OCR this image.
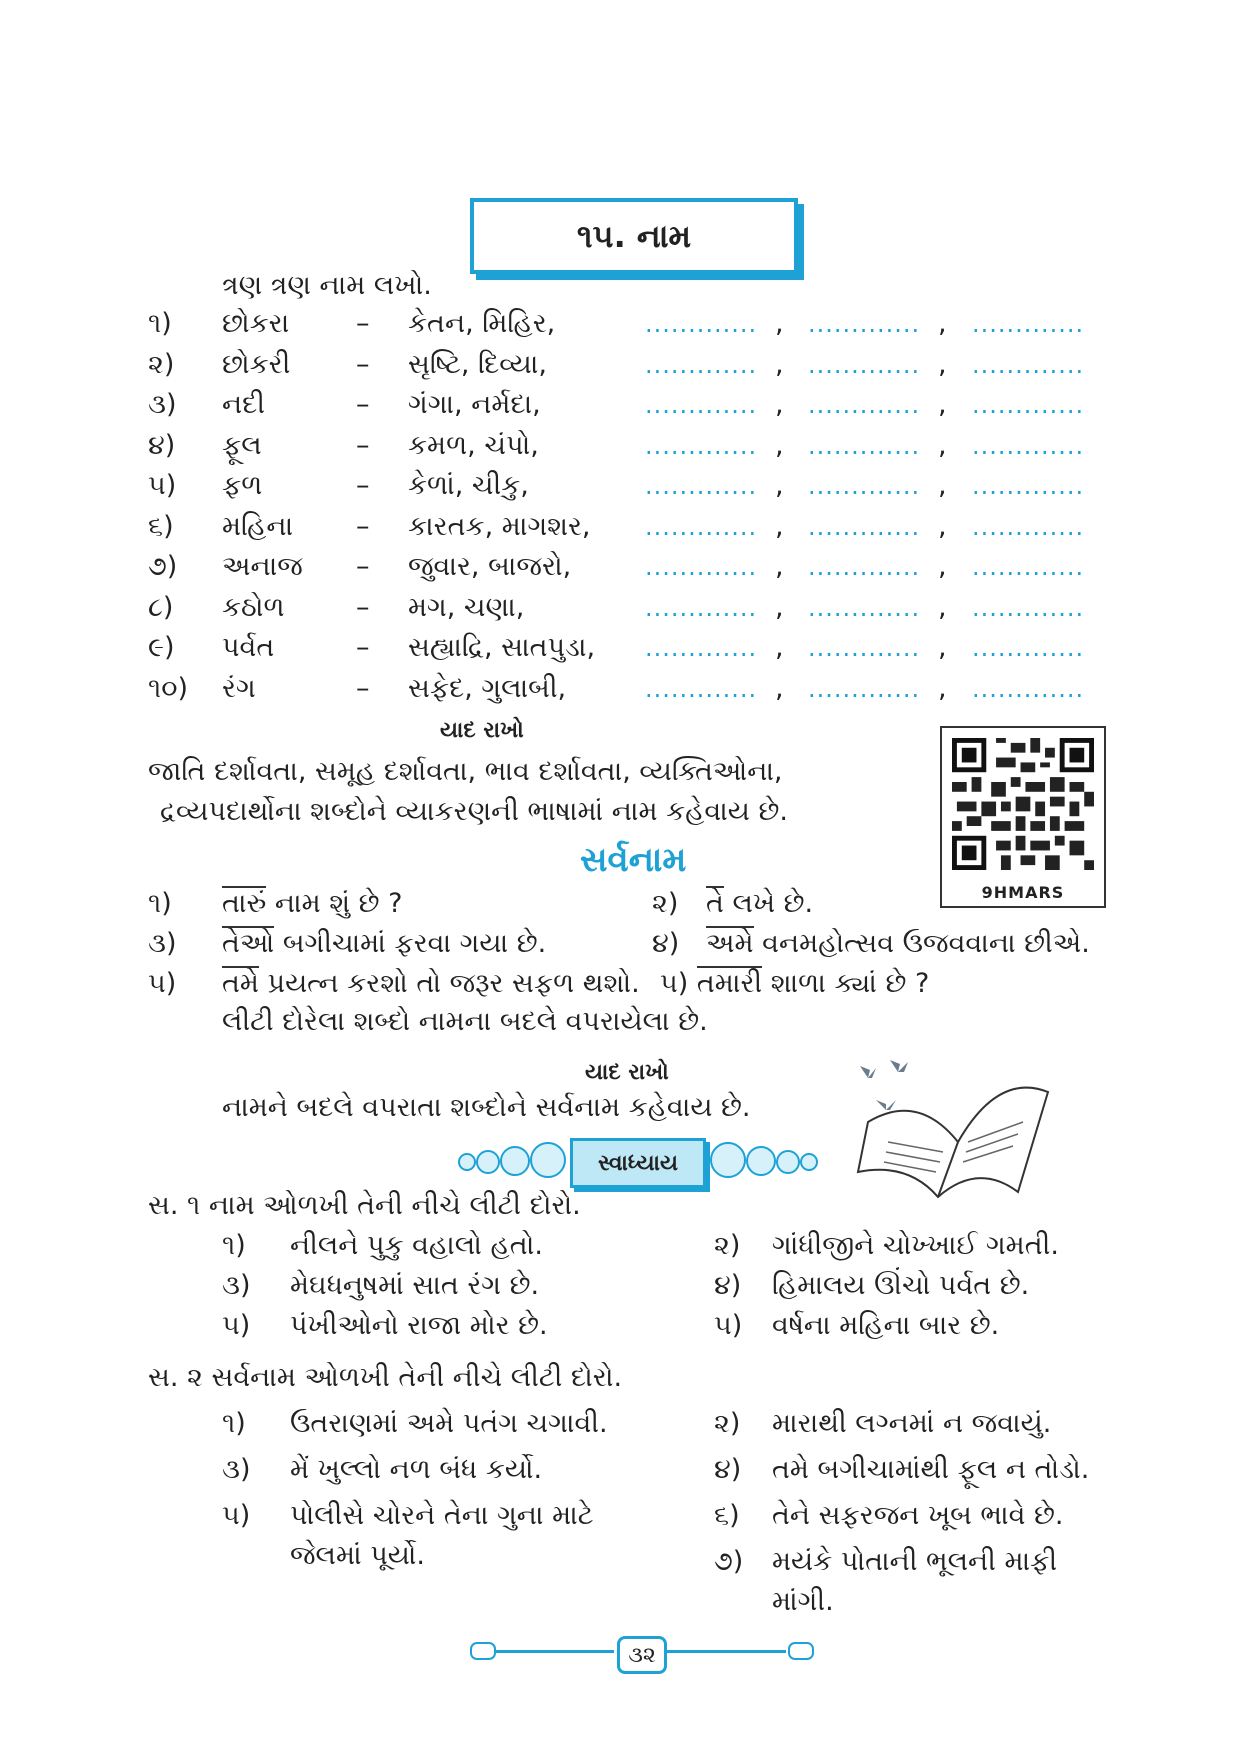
૧૫. નામ
ત્રણ ત્રણ નામ લખો.
૧) છોકરા – કેતન, મિહિર,	............. , ............. , .............
૨) છોકરી – સૃષ્ટિ, દિવ્યા,	............. , ............. , .............
૩) નદી	– ગંગા, નર્મદા,	............. , ............. , .............
૪) ફૂલ	– કમળ, ચંપો,	............. , ............. , .............
૫) ફળ	– કેળાં, ચીકુ,	............. , ............. , .............
૬) મહિના – કારતક, માગશર, ............. , ............. , .............
૭) અનાજ – જુવાર, બાજરો,	............. , ............. , .............
૮) કઠોળ	– મગ, ચણા,	............. , ............. , .............
૯) પર્વત	– સહ્યાદ્રિ, સાતપુડા, ............. , ............. , .............
૧૦) રંગ	– સફેદ, ગુલાબી,	............. , ............. , .............
યાદ રાખો
જાતિ દર્શાવતા, સમૂહ દર્શાવતા, ભાવ દર્શાવતા, વ્યક્તિઓના,
દ્રવ્યપદાર્થોના શબ્દોને વ્યાકરણની ભાષામાં નામ કહેવાય છે.
9HMARS
સર્વનામ
૧) તારું નામ શું છે ?	૨) તે લખે છે.
૩) તેઓ બગીચામાં ફરવા ગયા છે.	૪) અમે વનમહોત્સવ ઉજવવાના છીએ.
૫) તમે પ્રયત્ન કરશો તો જરૂર સફળ થશો. ૫) તમારી શાળા ક્યાં છે ?
લીટી દોરેલા શબ્દો નામના બદલે વપરાયેલા છે.
યાદ રાખો
નામને બદલે વપરાતા શબ્દોને સર્વનામ કહેવાય છે.
સ્વાધ્યાય
સ. ૧ નામ ઓળખી તેની નીચે લીટી દોરો.
૧) નીલને પુકુ વહાલો હતો.	૨) ગાંધીજીને ચોખ્ખાઈ ગમતી.
૩) મેઘધનુષમાં સાત રંગ છે.	૪) હિમાલય ઊંચો પર્વત છે.
૫) પંખીઓનો રાજા મોર છે.	૫) વર્ષના મહિના બાર છે.
સ. ૨ સર્વનામ ઓળખી તેની નીચે લીટી દોરો.
૧) ઉતરાણમાં અમે પતંગ ચગાવી.	૨) મારાથી લગ્નમાં ન જવાયું.
૩) મેં ખુલ્લો નળ બંધ કર્યો.	૪) તમે બગીચામાંથી ફૂલ ન તોડો.
૫) પોલીસે ચોરને તેના ગુના માટે
જેલમાં પૂર્યો.
૬) તેને સફરજન ખૂબ ભાવે છે.
૭) મયંકે પોતાની ભૂલની માફી
માંગી.
૩૨
